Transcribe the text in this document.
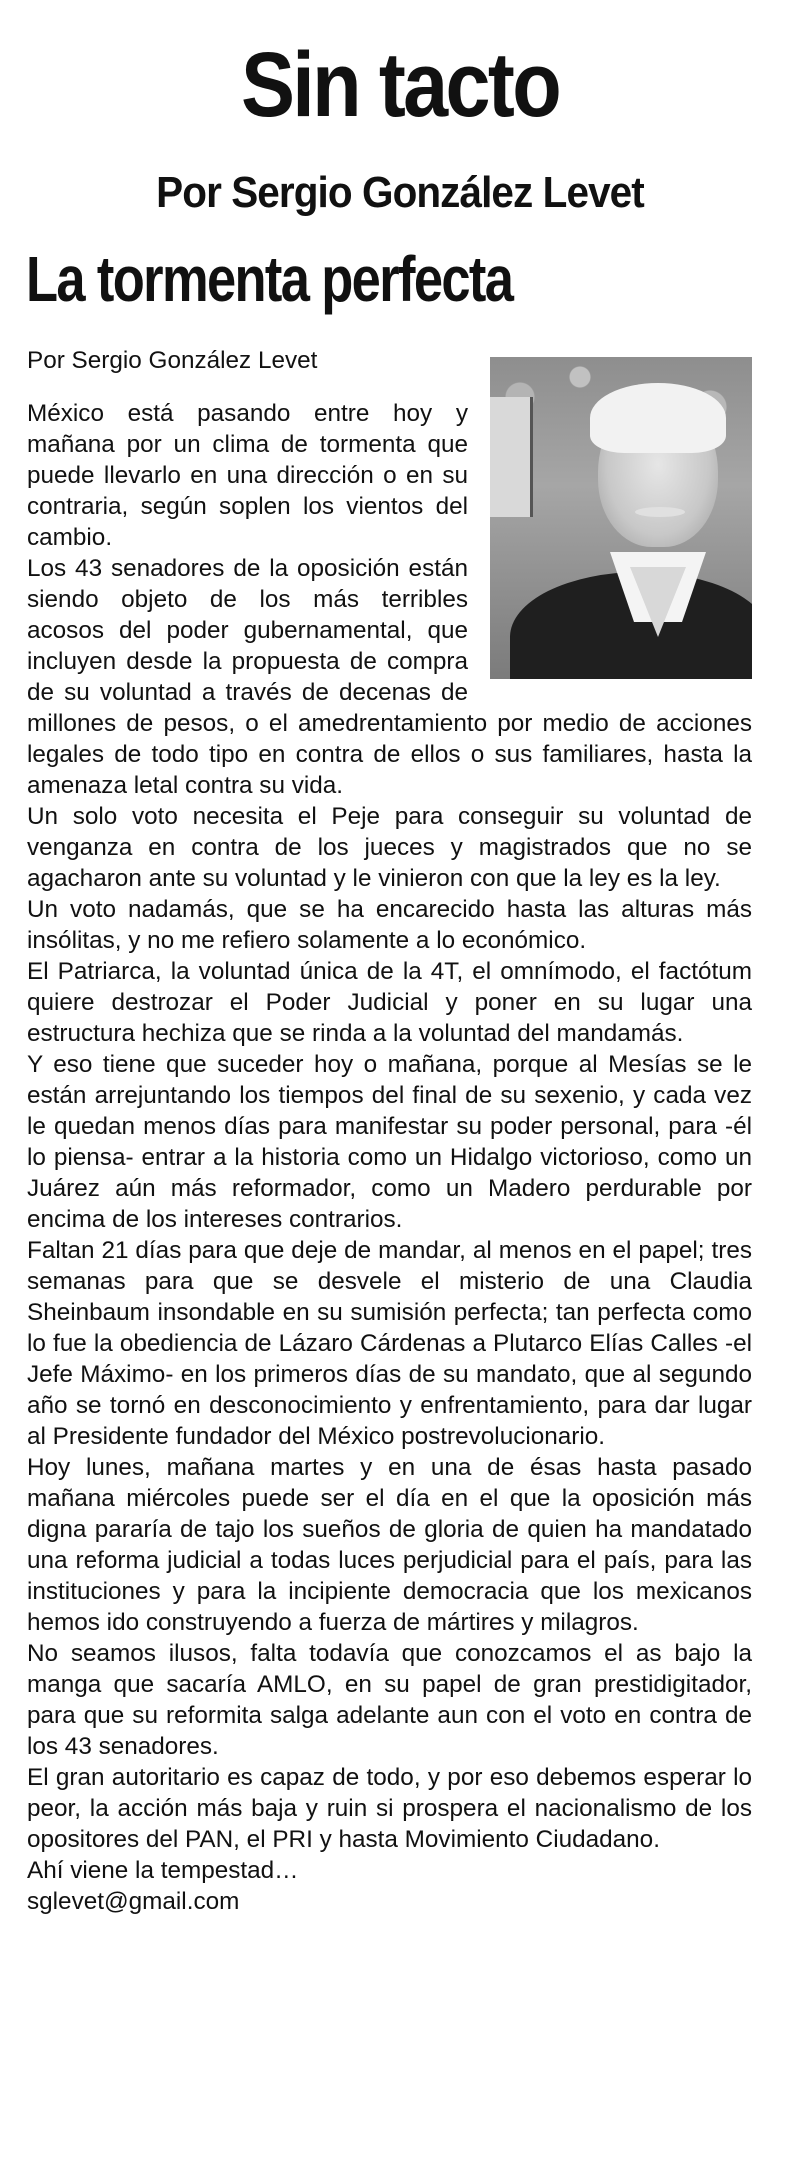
Sin tacto
Por Sergio González Levet
La tormenta perfecta

Por Sergio González Levet

México está pasando entre hoy y mañana por un clima de tormenta que puede llevarlo en una dirección o en su contraria, según soplen los vientos del cambio.

Los 43 senadores de la oposición están siendo objeto de los más terribles acosos del poder gubernamental, que incluyen desde la propuesta de compra de su voluntad a través de decenas de millones de pesos, o el amedrentamiento por medio de acciones legales de todo tipo en contra de ellos o sus familiares, hasta la amenaza letal contra su vida.

Un solo voto necesita el Peje para conseguir su voluntad de venganza en contra de los jueces y magistrados que no se agacharon ante su voluntad y le vinieron con que la ley es la ley.

Un voto nadamás, que se ha encarecido hasta las alturas más insólitas, y no me refiero solamente a lo económico.

El Patriarca, la voluntad única de la 4T, el omnímodo, el factótum quiere destrozar el Poder Judicial y poner en su lugar una estructura hechiza que se rinda a la voluntad del mandamás.

Y eso tiene que suceder hoy o mañana, porque al Mesías se le están arrejuntando los tiempos del final de su sexenio, y cada vez le quedan menos días para manifestar su poder personal, para -él lo piensa- entrar a la historia como un Hidalgo victorioso, como un Juárez aún más reformador, como un Madero perdurable por encima de los intereses contrarios.

Faltan 21 días para que deje de mandar, al menos en el papel; tres semanas para que se desvele el misterio de una Claudia Sheinbaum insondable en su sumisión perfecta; tan perfecta como lo fue la obediencia de Lázaro Cárdenas a Plutarco Elías Calles -el Jefe Máximo- en los primeros días de su mandato, que al segundo año se tornó en desconocimiento y enfrentamiento, para dar lugar al Presidente fundador del México postrevolucionario.

Hoy lunes, mañana martes y en una de ésas hasta pasado mañana miércoles puede ser el día en el que la oposición más digna pararía de tajo los sueños de gloria de quien ha mandatado una reforma judicial a todas luces perjudicial para el país, para las instituciones y para la incipiente democracia que los mexicanos hemos ido construyendo a fuerza de mártires y milagros.

No seamos ilusos, falta todavía que conozcamos el as bajo la manga que sacaría AMLO, en su papel de gran prestidigitador, para que su reformita salga adelante aun con el voto en contra de los 43 senadores.

El gran autoritario es capaz de todo, y por eso debemos esperar lo peor, la acción más baja y ruin si prospera el nacionalismo de los opositores del PAN, el PRI y hasta Movimiento Ciudadano.

Ahí viene la tempestad…

sglevet@gmail.com
